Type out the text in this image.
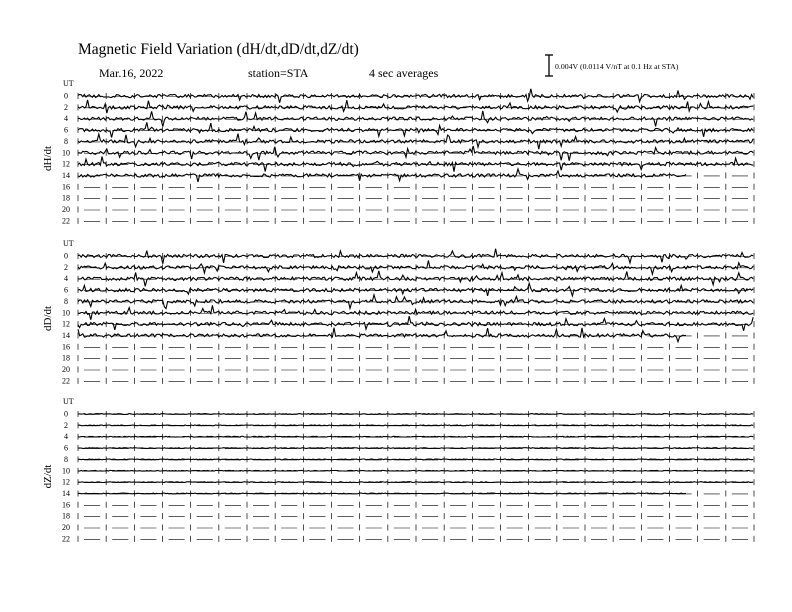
Magnetic Field Variation (dH/dt,dD/dt,dZ/dt)
Mar.16, 2022	station=STA	4 sec averages	0.004V (0.0114 V/nT at 0.1 Hz at STA)
UT
dH/dt
0
2
4
6
8
10
12
14
16
18
20
22
UT
dD/dt
0
2
4
6
8
10
12
14
16
18
20
22
UT
dZ/dt
0
2
4
6
8
10
12
14
16
18
20
22
